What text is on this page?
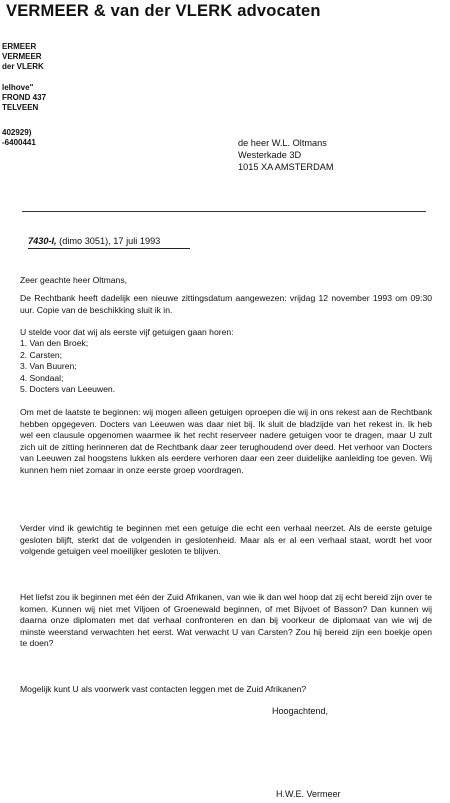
VERMEER & van der VLERK advocaten
ERMEER
VERMEER
der VLERK
lelhove"
FROND 437
TELVEEN
402929)
-6400441	de heer W.L. Oltmans
Westerkade 3D
1015 XA AMSTERDAM
7430-I, (dimo 3051), 17 juli 1993
Zeer geachte heer Oltmans,
De Rechtbank heeft dadelijk een nieuwe zittingsdatum aangewezen: vrijdag 12 november 1993 om 09:30 uur. Copie van de beschikking sluit ik in.
U stelde voor dat wij als eerste vijf getuigen gaan horen:
1. Van den Broek;
2. Carsten;
3. Van Buuren;
4. Sondaal;
5. Docters van Leeuwen.
Om met de laatste te beginnen: wij mogen alleen getuigen oproepen die wij in ons rekest aan de Rechtbank hebben opgegeven. Docters van Leeuwen was daar niet bij. Ik sluit de bladzijde van het rekest in. Ik heb wel een clausule opgenomen waarmee ik het recht reserveer nadere getuigen voor te dragen, maar U zult zich uit de zitting herinneren dat de Rechtbank daar zeer terughoudend over deed. Het verhoor van Docters van Leeuwen zal hoogstens lukken als eerdere verhoren daar een zeer duidelijke aanleiding toe geven. Wij kunnen hem niet zomaar in onze eerste groep voordragen.
Verder vind ik gewichtig te beginnen met een getuige die echt een verhaal neerzet. Als de eerste getuige gesloten blijft, sterkt dat de volgenden in geslotenheid. Maar als er al een verhaal staat, wordt het voor volgende getuigen veel moeilijker gesloten te blijven.
Het liefst zou ik beginnen met één der Zuid Afrikanen, van wie ik dan wel hoop dat zij echt bereid zijn over te komen. Kunnen wij niet met Viljoen of Groenewald beginnen, of met Bijvoet of Basson? Dan kunnen wij daarna onze diplomaten met dat verhaal confronteren en dan bij voorkeur de diplomaat van wie wij de minste weerstand verwachten het eerst. Wat verwacht U van Carsten? Zou hij bereid zijn een boekje open te doen?
Mogelijk kunt U als voorwerk vast contacten leggen met de Zuid Afrikanen?
Hoogachtend,
H.W.E. Vermeer
